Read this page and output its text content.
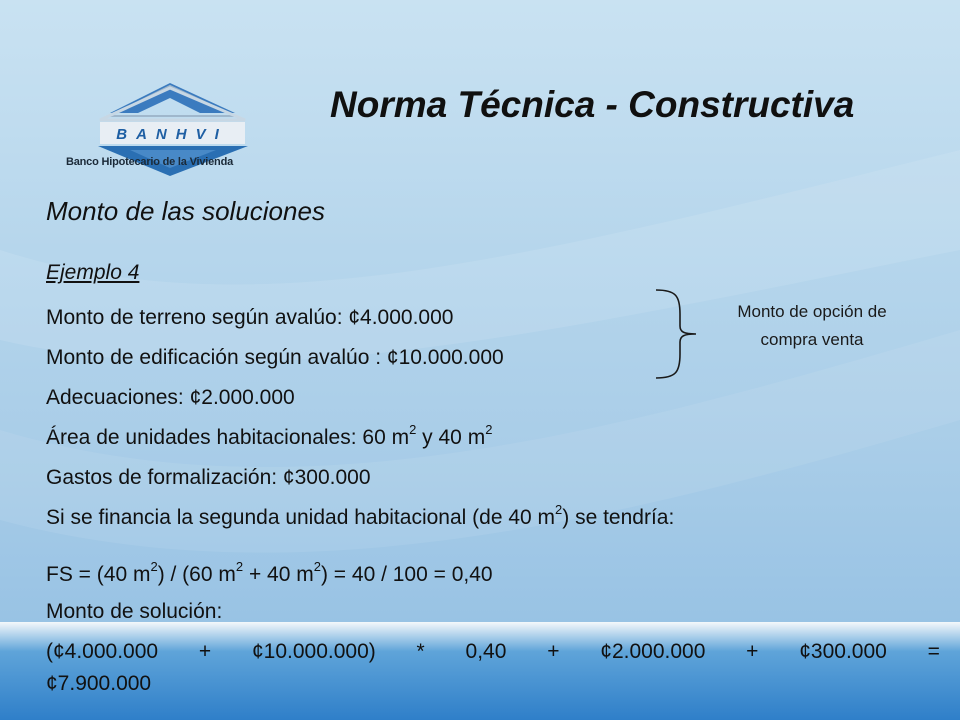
BANHVI
Banco Hipotecario de la Vivienda
Norma Técnica - Constructiva
Monto de las soluciones
Ejemplo 4
Monto de terreno según avalúo: ¢4.000.000
Monto de edificación según avalúo : ¢10.000.000
Adecuaciones: ¢2.000.000
Área de unidades habitacionales: 60 $m^2$ y 40 $m^2$
Gastos de formalización: ¢300.000
Si se financia la segunda unidad habitacional (de 40 $m^2$) se tendría:
FS = (40 $m^2) / (60$ $m^2 + 40$ $m^2) = 40 / 100 = 0,40$
Monto de solución:
Monto de opción de
compra venta
(¢4.000.000 + ¢10.000.000) * 0,40 + ¢2.000.000 + ¢300.000 =
¢7.900.000
